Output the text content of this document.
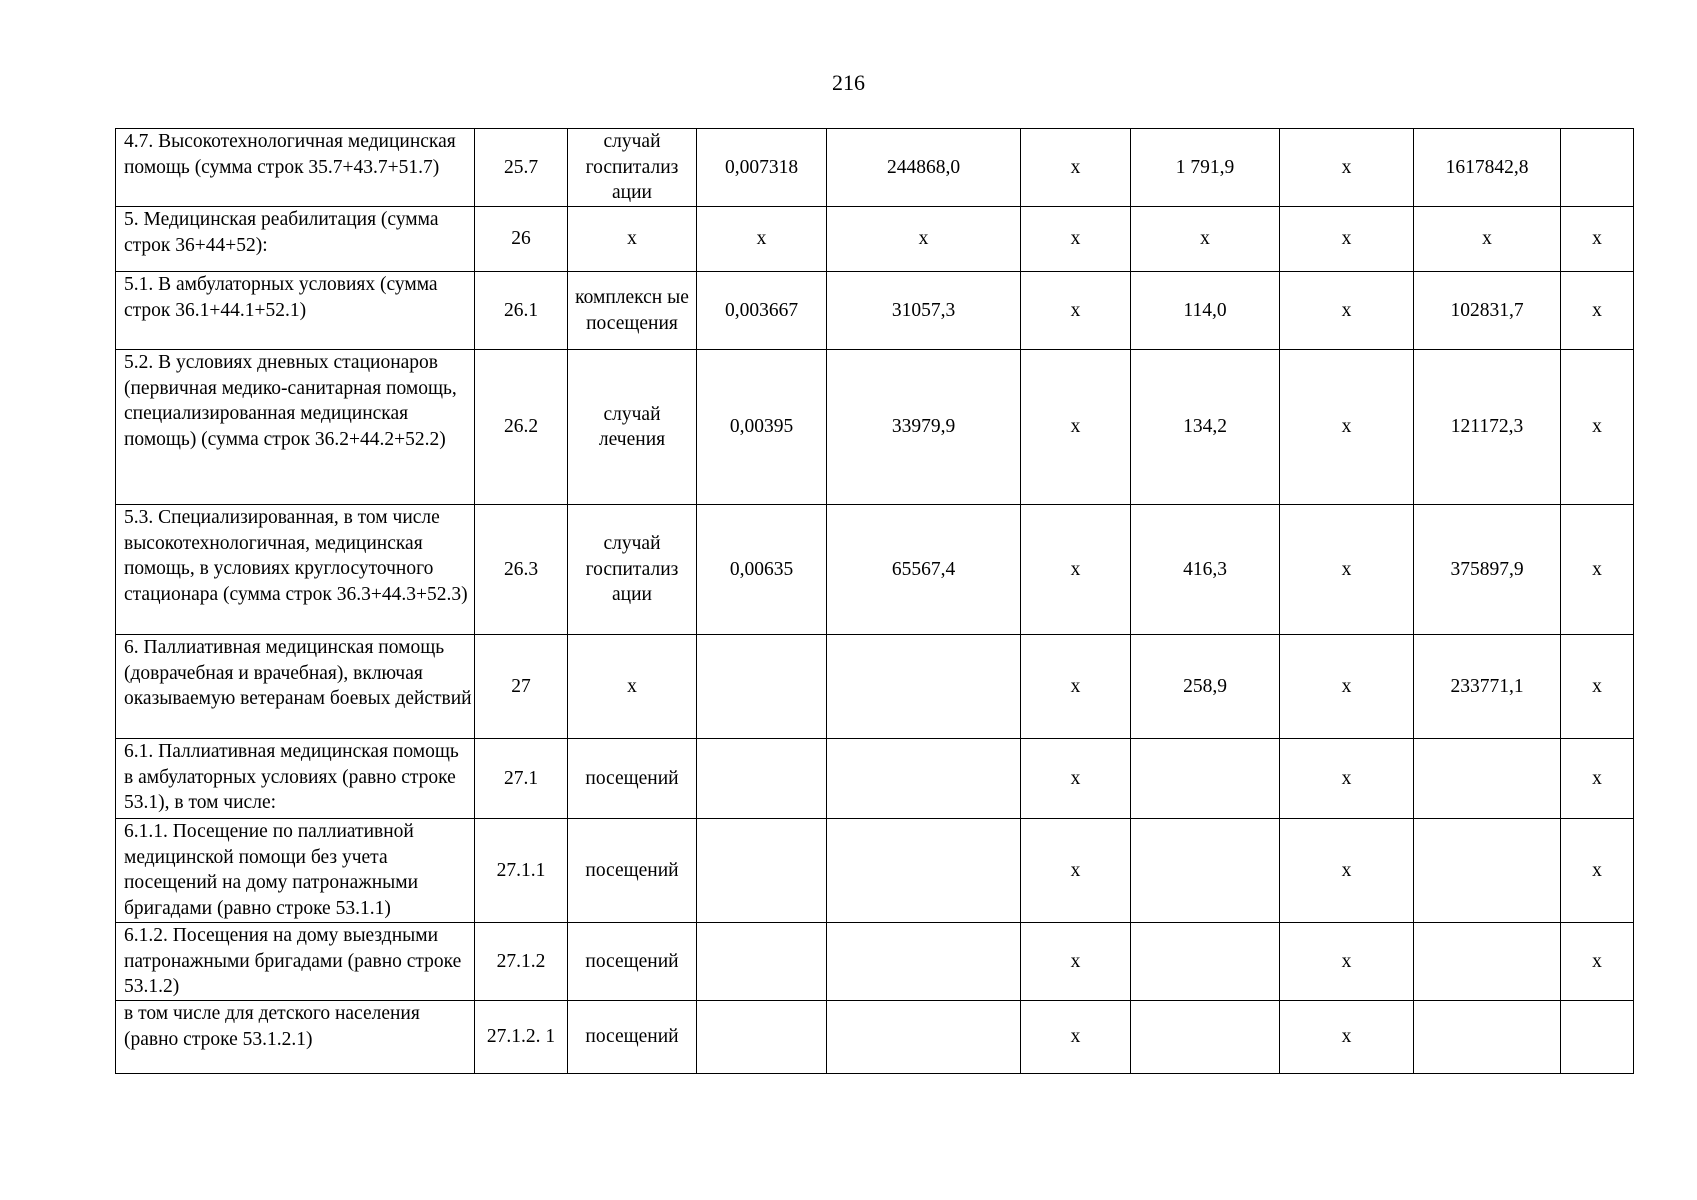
216
4.7. Высокотехнологичная медицинская помощь (сумма строк 35.7+43.7+51.7)	25.7	случай госпитализ ации	0,007318	244868,0	х	1 791,9	х	1617842,8	
5. Медицинская реабилитация (сумма строк 36+44+52):	26	х	х	х	х	х	х	х	х
5.1. В амбулаторных условиях (сумма строк 36.1+44.1+52.1)	26.1	комплексн ые посещения	0,003667	31057,3	х	114,0	х	102831,7	х
5.2. В условиях дневных стационаров (первичная медико-санитарная помощь, специализированная медицинская помощь) (сумма строк 36.2+44.2+52.2)	26.2	случай лечения	0,00395	33979,9	х	134,2	х	121172,3	х
5.3. Специализированная, в том числе высокотехнологичная, медицинская помощь, в условиях круглосуточного стационара (сумма строк 36.3+44.3+52.3)	26.3	случай госпитализ ации	0,00635	65567,4	х	416,3	х	375897,9	х
6. Паллиативная медицинская помощь (доврачебная и врачебная), включая оказываемую ветеранам боевых действий	27	х			х	258,9	х	233771,1	х
6.1. Паллиативная медицинская помощь в амбулаторных условиях (равно строке 53.1), в том числе:	27.1	посещений			х		х		х
6.1.1. Посещение по паллиативной медицинской помощи без учета посещений на дому патронажными бригадами (равно строке 53.1.1)	27.1.1	посещений			х		х		х
6.1.2. Посещения на дому выездными патронажными бригадами (равно строке 53.1.2)	27.1.2	посещений			х		х		х
в том числе для детского населения (равно строке 53.1.2.1)	27.1.2. 1	посещений			х		х		
